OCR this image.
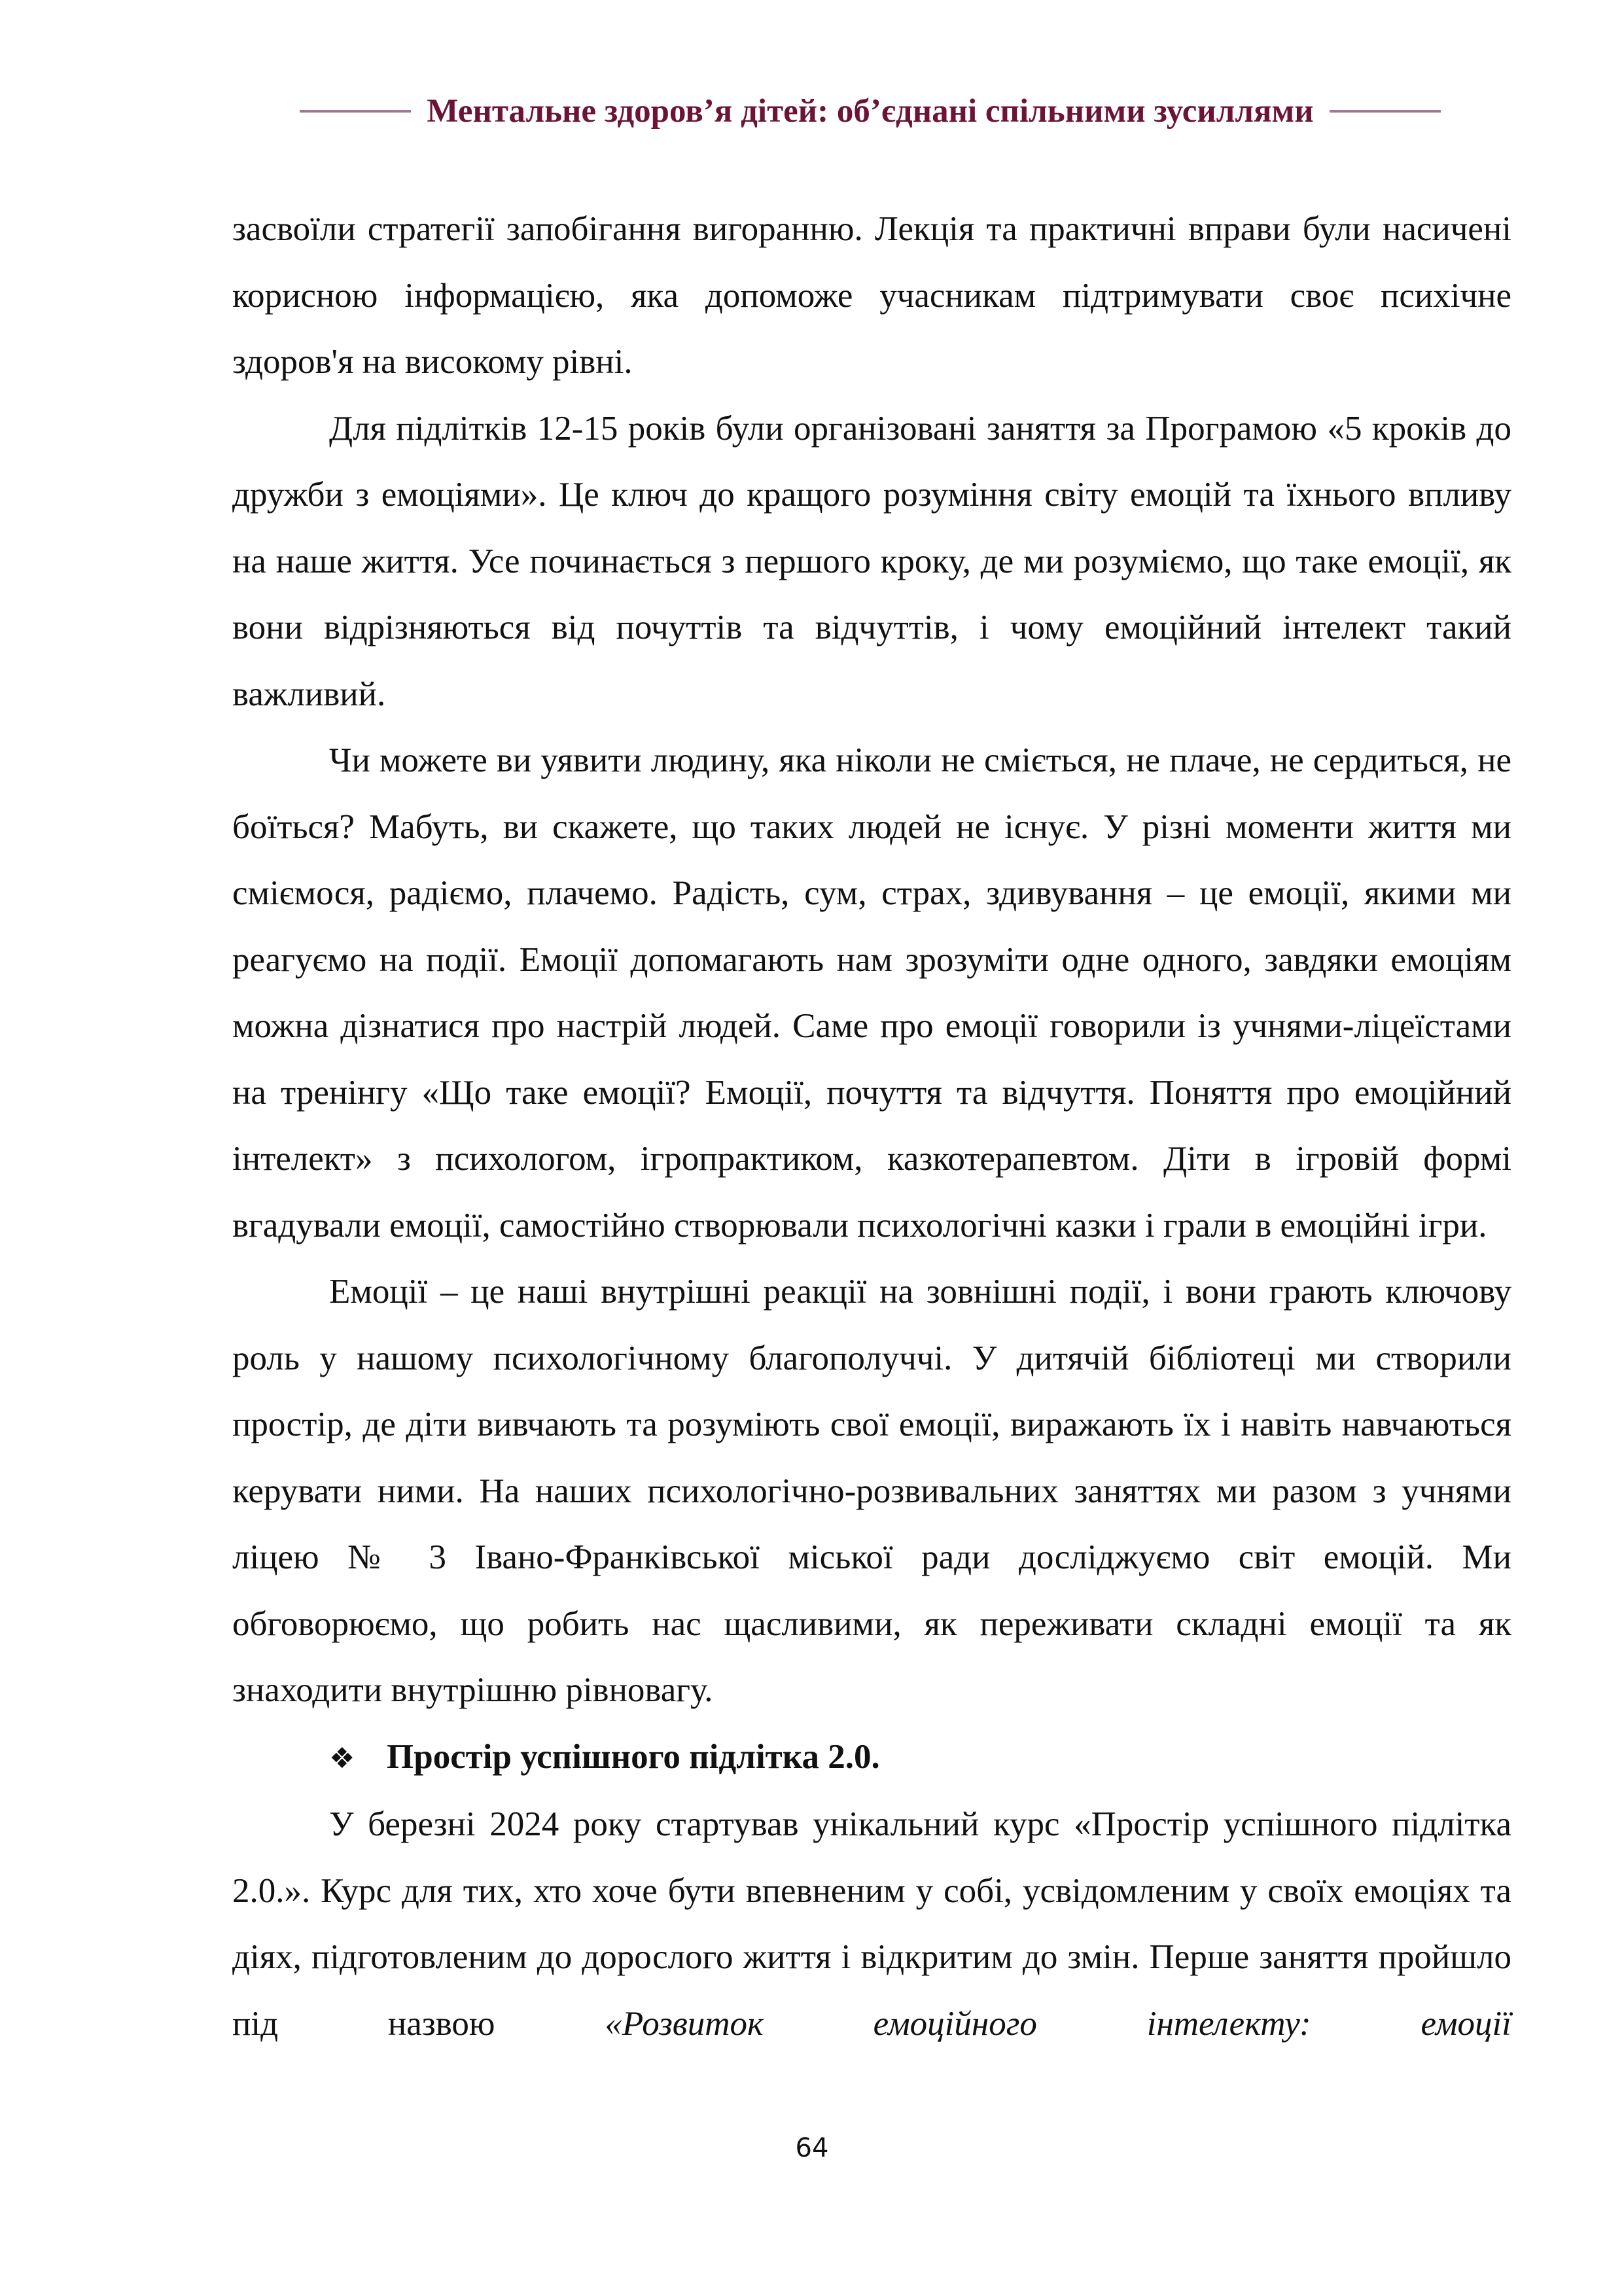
Ментальне здоров’я дітей: об’єднані спільними зусиллями

засвоїли стратегії запобігання вигоранню. Лекція та практичні вправи були насичені корисною інформацією, яка допоможе учасникам підтримувати своє психічне здоров'я на високому рівні.

Для підлітків 12-15 років були організовані заняття за Програмою «5 кроків до дружби з емоціями». Це ключ до кращого розуміння світу емоцій та їхнього впливу на наше життя. Усе починається з першого кроку, де ми розуміємо, що таке емоції, як вони відрізняються від почуттів та відчуттів, і чому емоційний інтелект такий важливий.

Чи можете ви уявити людину, яка ніколи не сміється, не плаче, не сердиться, не боїться? Мабуть, ви скажете, що таких людей не існує. У різні моменти життя ми сміємося, радіємо, плачемо. Радість, сум, страх, здивування – це емоції, якими ми реагуємо на події. Емоції допомагають нам зрозуміти одне одного, завдяки емоціям можна дізнатися про настрій людей. Саме про емоції говорили із учнями-ліцеїстами на тренінгу «Що таке емоції? Емоції, почуття та відчуття. Поняття про емоційний інтелект» з психологом, ігропрактиком, казкотерапевтом. Діти в ігровій формі вгадували емоції, самостійно створювали психологічні казки і грали в емоційні ігри.

Емоції – це наші внутрішні реакції на зовнішні події, і вони грають ключову роль у нашому психологічному благополуччі. У дитячій бібліотеці ми створили простір, де діти вивчають та розуміють свої емоції, виражають їх і навіть навчаються керувати ними. На наших психологічно-розвивальних заняттях ми разом з учнями ліцею № 3 Івано-Франківської міської ради досліджуємо світ емоцій. Ми обговорюємо, що робить нас щасливими, як переживати складні емоції та як знаходити внутрішню рівновагу.

❖ Простір успішного підлітка 2.0.

У березні 2024 року стартував унікальний курс «Простір успішного підлітка 2.0.». Курс для тих, хто хоче бути впевненим у собі, усвідомленим у своїх емоціях та діях, підготовленим до дорослого життя і відкритим до змін. Перше заняття пройшло під назвою «Розвиток емоційного інтелекту: емоції

64
